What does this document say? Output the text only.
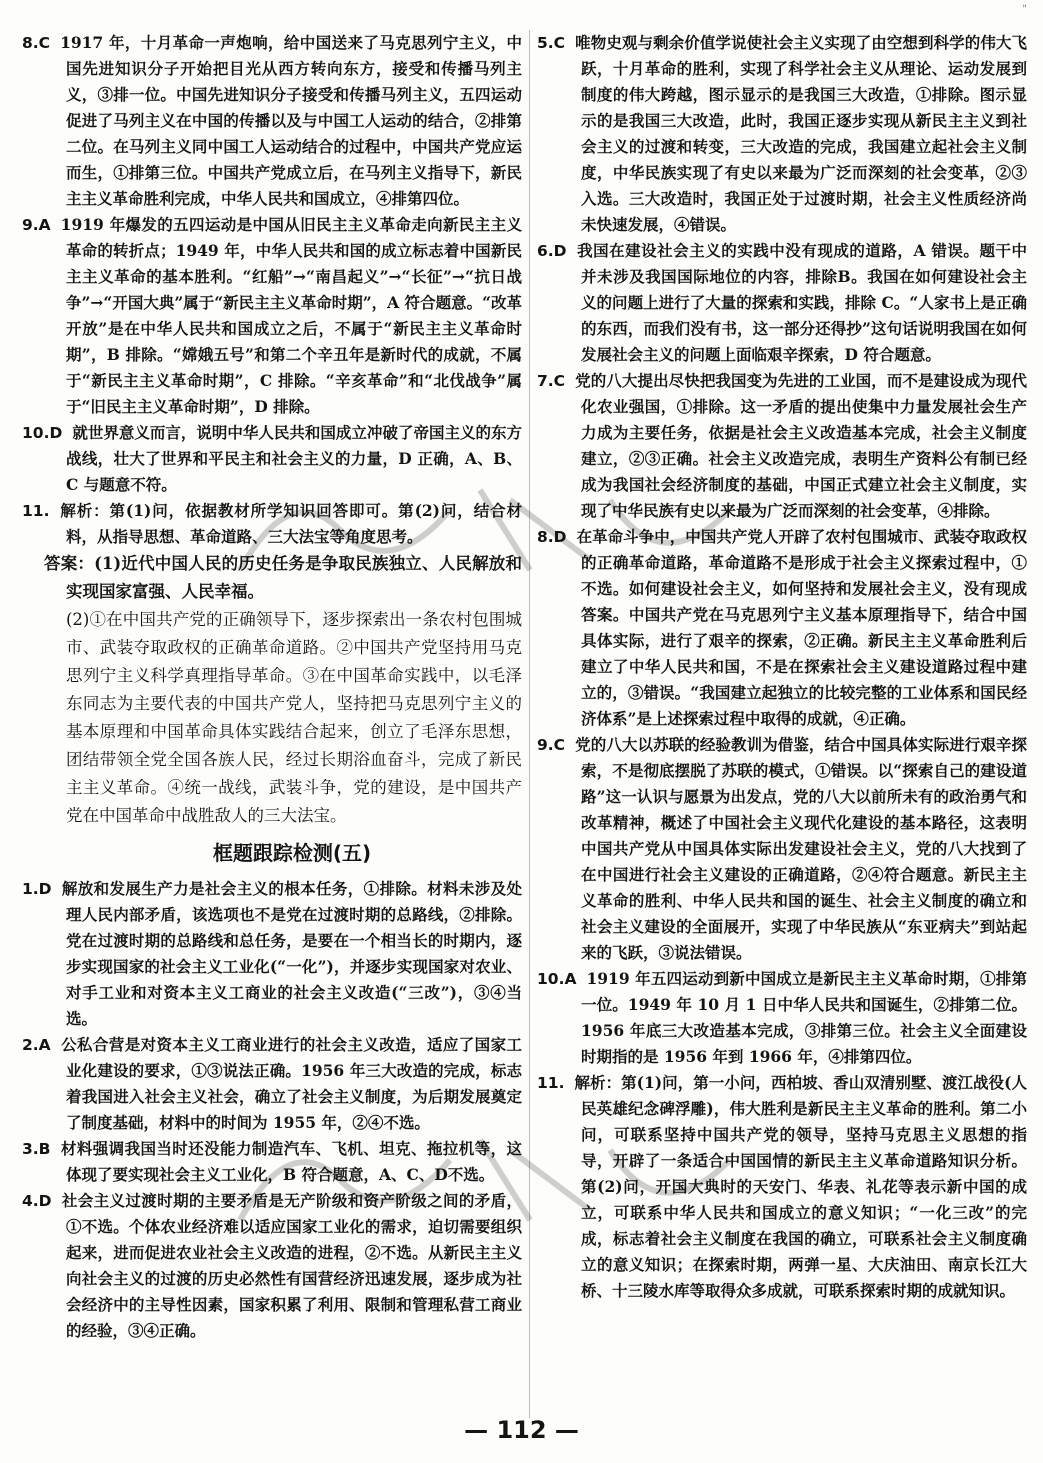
8.C 1917 年，十月革命一声炮响，给中国送来了马克思列宁主义，中国先进知识分子开始把目光从西方转向东方，接受和传播马列主义，③排一位。中国先进知识分子接受和传播马列主义，五四运动促进了马列主义在中国的传播以及与中国工人运动的结合，②排第二位。在马列主义同中国工人运动结合的过程中，中国共产党应运而生，①排第三位。中国共产党成立后，在马列主义指导下，新民主主义革命胜利完成，中华人民共和国成立，④排第四位。

9.A 1919 年爆发的五四运动是中国从旧民主主义革命走向新民主主义革命的转折点；1949 年，中华人民共和国的成立标志着中国新民主主义革命的基本胜利。“红船”→“南昌起义”→“长征”→“抗日战争”→“开国大典”属于“新民主主义革命时期”，A 符合题意。“改革开放”是在中华人民共和国成立之后，不属于“新民主主义革命时期”，B 排除。“嫦娥五号”和第二个辛丑年是新时代的成就，不属于“新民主主义革命时期”，C 排除。“辛亥革命”和“北伐战争”属于“旧民主主义革命时期”，D 排除。

10.D 就世界意义而言，说明中华人民共和国成立冲破了帝国主义的东方战线，壮大了世界和平民主和社会主义的力量，D 正确，A、B、C 与题意不符。

11. 解析：第(1)问，依据教材所学知识回答即可。第(2)问，结合材料，从指导思想、革命道路、三大法宝等角度思考。

答案：(1)近代中国人民的历史任务是争取民族独立、人民解放和实现国家富强、人民幸福。

(2)①在中国共产党的正确领导下，逐步探索出一条农村包围城市、武装夺取政权的正确革命道路。②中国共产党坚持用马克思列宁主义科学真理指导革命。③在中国革命实践中，以毛泽东同志为主要代表的中国共产党人，坚持把马克思列宁主义的基本原理和中国革命具体实践结合起来，创立了毛泽东思想，团结带领全党全国各族人民，经过长期浴血奋斗，完成了新民主主义革命。④统一战线，武装斗争，党的建设，是中国共产党在中国革命中战胜敌人的三大法宝。

框题跟踪检测(五)

1.D 解放和发展生产力是社会主义的根本任务，①排除。材料未涉及处理人民内部矛盾，该选项也不是党在过渡时期的总路线，②排除。党在过渡时期的总路线和总任务，是要在一个相当长的时期内，逐步实现国家的社会主义工业化(“一化”)，并逐步实现国家对农业、对手工业和对资本主义工商业的社会主义改造(“三改”)，③④当选。

2.A 公私合营是对资本主义工商业进行的社会主义改造，适应了国家工业化建设的要求，①③说法正确。1956 年三大改造的完成，标志着我国进入社会主义社会，确立了社会主义制度，为后期发展奠定了制度基础，材料中的时间为 1955 年，②④不选。

3.B 材料强调我国当时还没能力制造汽车、飞机、坦克、拖拉机等，这体现了要实现社会主义工业化，B 符合题意，A、C、D不选。

4.D 社会主义过渡时期的主要矛盾是无产阶级和资产阶级之间的矛盾，①不选。个体农业经济难以适应国家工业化的需求，迫切需要组织起来，进而促进农业社会主义改造的进程，②不选。从新民主主义向社会主义的过渡的历史必然性有国营经济迅速发展，逐步成为社会经济中的主导性因素，国家积累了利用、限制和管理私营工商业的经验，③④正确。

5.C 唯物史观与剩余价值学说使社会主义实现了由空想到科学的伟大飞跃，十月革命的胜利，实现了科学社会主义从理论、运动发展到制度的伟大跨越，图示显示的是我国三大改造，①排除。图示显示的是我国三大改造，此时，我国正逐步实现从新民主主义到社会主义的过渡和转变，三大改造的完成，我国建立起社会主义制度，中华民族实现了有史以来最为广泛而深刻的社会变革，②③入选。三大改造时，我国正处于过渡时期，社会主义性质经济尚未快速发展，④错误。

6.D 我国在建设社会主义的实践中没有现成的道路，A 错误。题干中并未涉及我国国际地位的内容，排除B。我国在如何建设社会主义的问题上进行了大量的探索和实践，排除 C。“人家书上是正确的东西，而我们没有书，这一部分还得抄”这句话说明我国在如何发展社会主义的问题上面临艰辛探索，D 符合题意。

7.C 党的八大提出尽快把我国变为先进的工业国，而不是建设成为现代化农业强国，①排除。这一矛盾的提出使集中力量发展社会生产力成为主要任务，依据是社会主义改造基本完成，社会主义制度建立，②③正确。社会主义改造完成，表明生产资料公有制已经成为我国社会经济制度的基础，中国正式建立社会主义制度，实现了中华民族有史以来最为广泛而深刻的社会变革，④排除。

8.D 在革命斗争中，中国共产党人开辟了农村包围城市、武装夺取政权的正确革命道路，革命道路不是形成于社会主义探索过程中，①不选。如何建设社会主义，如何坚持和发展社会主义，没有现成答案。中国共产党在马克思列宁主义基本原理指导下，结合中国具体实际，进行了艰辛的探索，②正确。新民主主义革命胜利后建立了中华人民共和国，不是在探索社会主义建设道路过程中建立的，③错误。“我国建立起独立的比较完整的工业体系和国民经济体系”是上述探索过程中取得的成就，④正确。

9.C 党的八大以苏联的经验教训为借鉴，结合中国具体实际进行艰辛探索，不是彻底摆脱了苏联的模式，①错误。以“探索自己的建设道路”这一认识与愿景为出发点，党的八大以前所未有的政治勇气和改革精神，概述了中国社会主义现代化建设的基本路径，这表明中国共产党从中国具体实际出发建设社会主义，党的八大找到了在中国进行社会主义建设的正确道路，②④符合题意。新民主主义革命的胜利、中华人民共和国的诞生、社会主义制度的确立和社会主义建设的全面展开，实现了中华民族从“东亚病夫”到站起来的飞跃，③说法错误。

10.A 1919 年五四运动到新中国成立是新民主主义革命时期，①排第一位。1949 年 10 月 1 日中华人民共和国诞生，②排第二位。1956 年底三大改造基本完成，③排第三位。社会主义全面建设时期指的是 1956 年到 1966 年，④排第四位。

11. 解析：第(1)问，第一小问，西柏坡、香山双清别墅、渡江战役(人民英雄纪念碑浮雕)，伟大胜利是新民主主义革命的胜利。第二小问，可联系坚持中国共产党的领导，坚持马克思主义思想的指导，开辟了一条适合中国国情的新民主主义革命道路知识分析。第(2)问，开国大典时的天安门、华表、礼花等表示新中国的成立，可联系中华人民共和国成立的意义知识；“一化三改”的完成，标志着社会主义制度在我国的确立，可联系社会主义制度确立的意义知识；在探索时期，两弹一星、大庆油田、南京长江大桥、十三陵水库等取得众多成就，可联系探索时期的成就知识。

"
— 112 —
